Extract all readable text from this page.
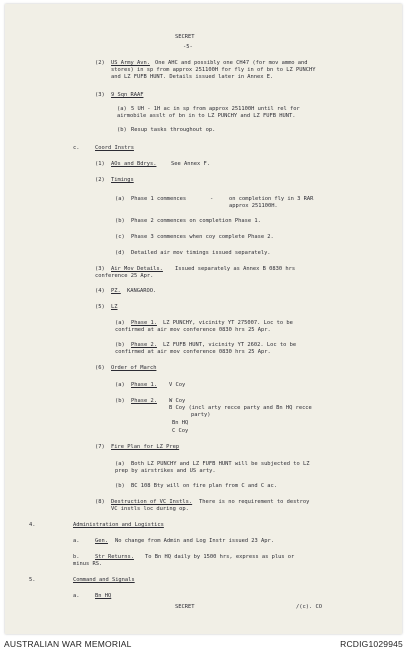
SECRET
-5-
(2) US Army Avn. One AHC and possibly one CH47 (for mov ammo and
stores) in sp from approx 251100H for fly in of bn to LZ PUNCHY
and LZ FUFB HUNT. Details issued later in Annex E.
(3) 9 Sqn RAAF
(a) 5 UH - 1H ac in sp from approx 251100H until rel for
airmobile asslt of bn in to LZ PUNCHY and LZ FUFB HUNT.
(b) Resup tasks throughout op.
c.	Coord Instrs
(1) AOs and Bdrys.	See Annex F.
(2) Timings
(a) Phase 1 commences	-	on completion fly in 3 RAR
approx 251100H.
(b) Phase 2 commences on completion Phase 1.
(c) Phase 3 commences when coy complete Phase 2.
(d) Detailed air mov timings issued separately.
(3) Air Mov Details. Issued separately as Annex B 0830 hrs
conference 25 Apr.
(4) PZ. KANGAROO.
(5) LZ
(a) Phase 1. LZ PUNCHY, vicinity YT 275007. Loc to be
confirmed at air mov conference 0830 hrs 25 Apr.
(b) Phase 2. LZ FUFB HUNT, vicinity YT 2602. Loc to be
confirmed at air mov conference 0830 hrs 25 Apr.
(6) Order of March
(a) Phase 1. V Coy
(b) Phase 2. W Coy
B Coy (incl arty recce party and Bn HQ recce
party)
Bn HQ
C Coy
(7) Fire Plan for LZ Prep
(a) Both LZ PUNCHY and LZ FUFB HUNT will be subjected to LZ
prep by airstrikes and US arty.
(b) BC 108 Bty will on fire plan from C and C ac.
(8) Destruction of VC Instls. There is no requirement to destroy
VC instls loc during op.
4.	Administration and Logistics
a.	Gen. No change from Admin and Log Instr issued 23 Apr.
b.	Str Returns. To Bn HQ daily by 1500 hrs, express as plus or
minus RS.
5.	Command and Signals
a.	Bn HQ
SECRET	/(c). CO
AUSTRALIAN WAR MEMORIAL	RCDIG1029945
